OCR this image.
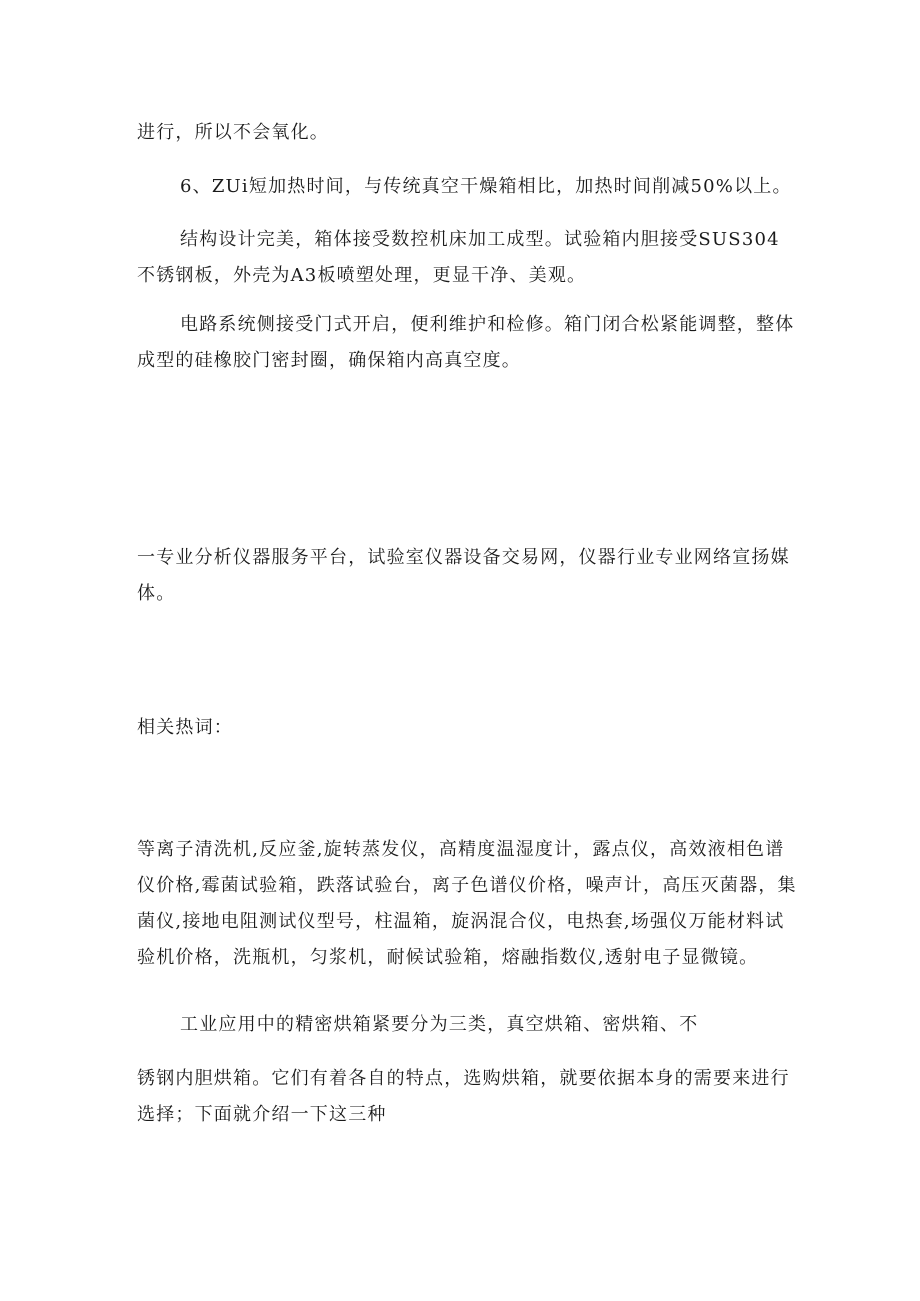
进行，所以不会氧化。

6、ZUi短加热时间，与传统真空干燥箱相比，加热时间削减50%以上。

结构设计完美，箱体接受数控机床加工成型。试验箱内胆接受SUS304不锈钢板，外壳为A3板喷塑处理，更显干净、美观。

电路系统侧接受门式开启，便利维护和检修。箱门闭合松紧能调整，整体成型的硅橡胶门密封圈，确保箱内高真空度。

一专业分析仪器服务平台，试验室仪器设备交易网，仪器行业专业网络宣扬媒体。

相关热词：

等离子清洗机,反应釜,旋转蒸发仪，高精度温湿度计，露点仪，高效液相色谱仪价格,霉菌试验箱，跌落试验台，离子色谱仪价格，噪声计，高压灭菌器，集菌仪,接地电阻测试仪型号，柱温箱，旋涡混合仪，电热套,场强仪万能材料试验机价格，洗瓶机，匀浆机，耐候试验箱，熔融指数仪,透射电子显微镜。

工业应用中的精密烘箱紧要分为三类，真空烘箱、密烘箱、不

锈钢内胆烘箱。它们有着各自的特点，选购烘箱，就要依据本身的需要来进行选择；下面就介绍一下这三种
